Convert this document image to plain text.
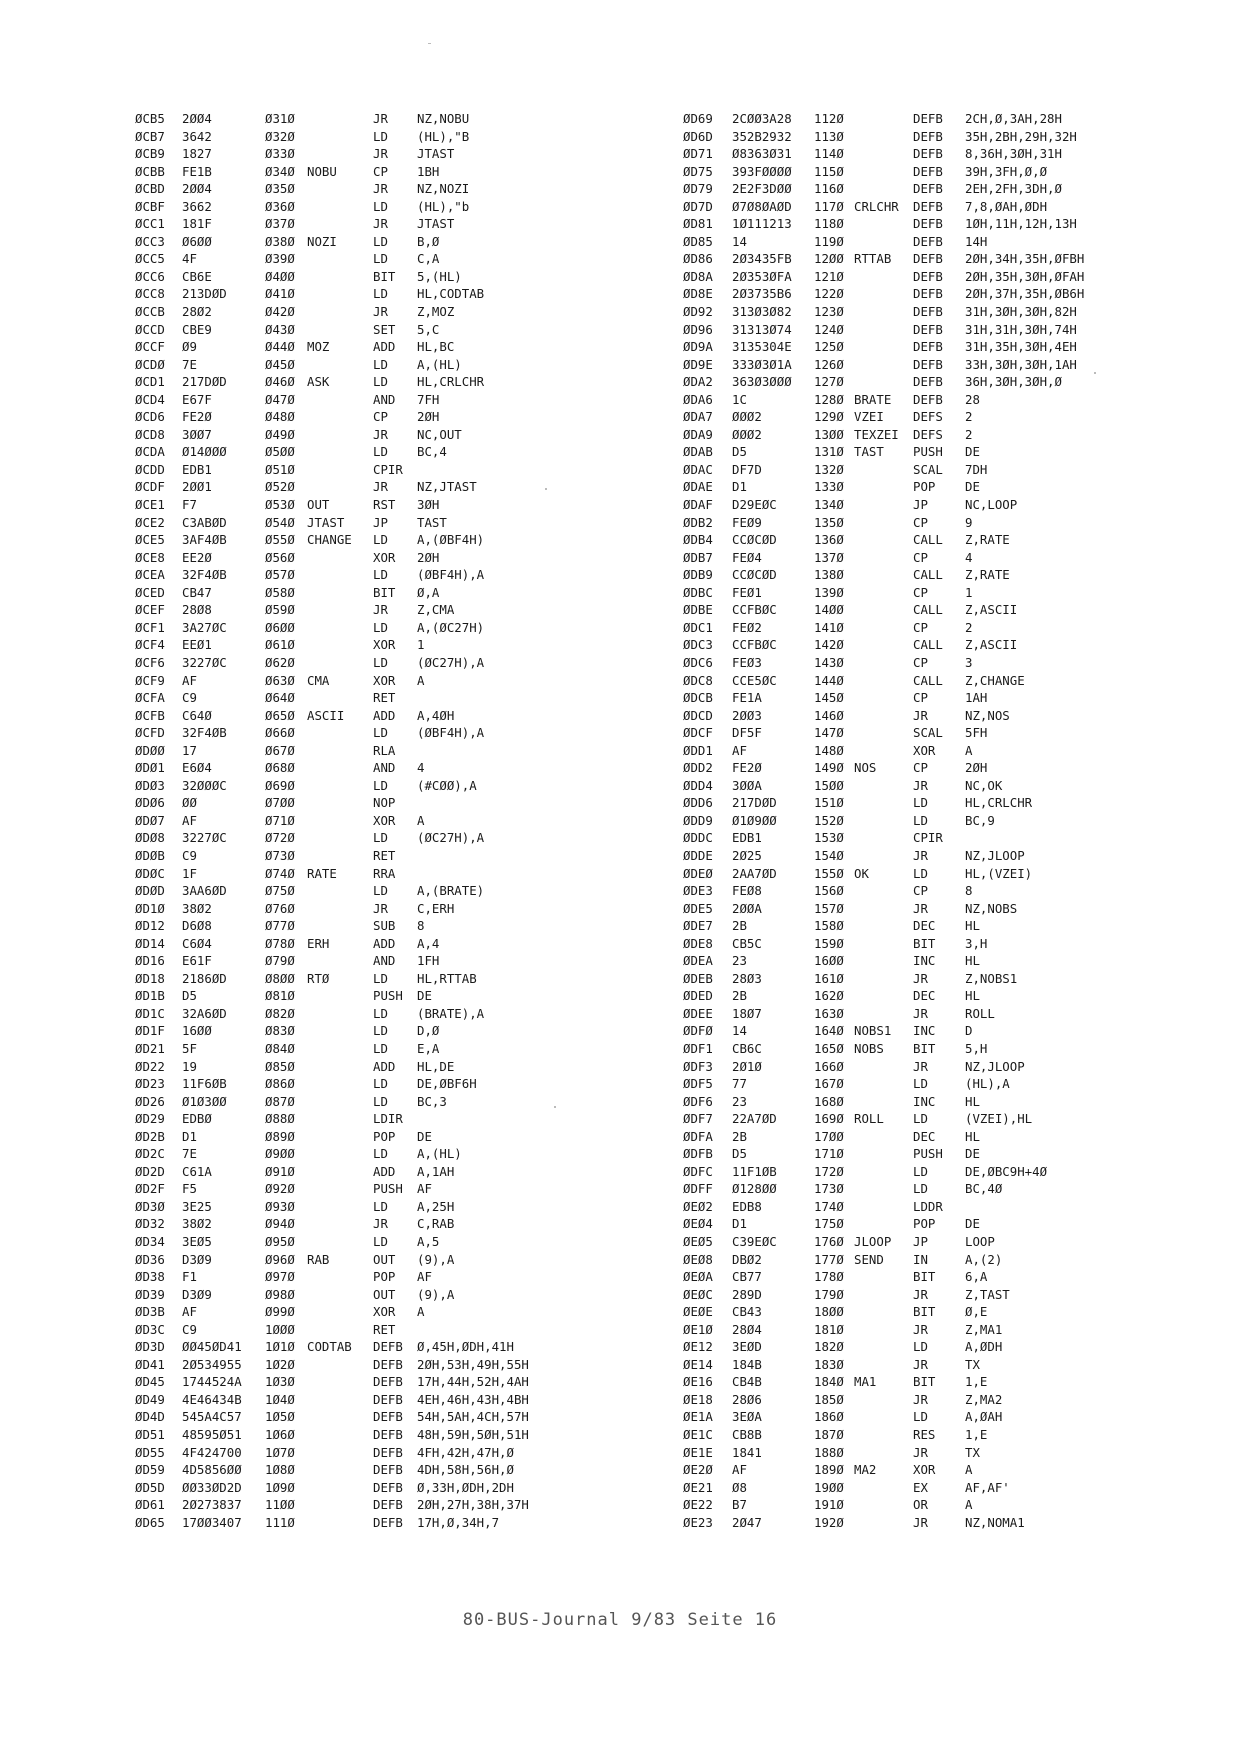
ØCB5 2ØØ4	Ø31Ø	JR NZ,NOBU
ØCB7 3642	Ø32Ø	LD (HL),"B
ØCB9 1827	Ø33Ø	JR JTAST
ØCBB FE1B	Ø34Ø NOBU	CP 1BH
ØCBD 2ØØ4	Ø35Ø	JR NZ,NOZI
ØCBF 3662	Ø36Ø	LD (HL),"b
ØCC1 181F	Ø37Ø	JR JTAST
ØCC3 Ø6ØØ	Ø38Ø NOZI	LD B,Ø
ØCC5 4F	Ø39Ø	LD C,A
ØCC6 CB6E	Ø4ØØ	BIT 5,(HL)
ØCC8 213DØD	Ø41Ø	LD HL,CODTAB
ØCCB 28Ø2	Ø42Ø	JR Z,MOZ
ØCCD CBE9	Ø43Ø	SET 5,C
ØCCF Ø9	Ø44Ø MOZ	ADD HL,BC
ØCDØ 7E	Ø45Ø	LD A,(HL)
ØCD1 217DØD	Ø46Ø ASK	LD HL,CRLCHR
ØCD4 E67F	Ø47Ø	AND 7FH
ØCD6 FE2Ø	Ø48Ø	CP 2ØH
ØCD8 3ØØ7	Ø49Ø	JR NC,OUT
ØCDA Ø14ØØØ	Ø5ØØ	LD BC,4
ØCDD EDB1	Ø51Ø	CPIR
ØCDF 2ØØ1	Ø52Ø	JR NZ,JTAST
ØCE1 F7	Ø53Ø OUT	RST 3ØH
ØCE2 C3ABØD	Ø54Ø JTAST JP TAST
ØCE5 3AF4ØB	Ø55Ø CHANGE LD A,(ØBF4H)
ØCE8 EE2Ø	Ø56Ø	XOR 2ØH
ØCEA 32F4ØB	Ø57Ø	LD (ØBF4H),A
ØCED CB47	Ø58Ø	BIT Ø,A
ØCEF 28Ø8	Ø59Ø	JR Z,CMA
ØCF1 3A27ØC	Ø6ØØ	LD A,(ØC27H)
ØCF4 EEØ1	Ø61Ø	XOR 1
ØCF6 3227ØC	Ø62Ø	LD (ØC27H),A
ØCF9 AF	Ø63Ø CMA	XOR A
ØCFA C9	Ø64Ø	RET
ØCFB C64Ø	Ø65Ø ASCII ADD A,4ØH
ØCFD 32F4ØB	Ø66Ø	LD (ØBF4H),A
ØDØØ 17	Ø67Ø	RLA
ØDØ1 E6Ø4	Ø68Ø	AND 4
ØDØ3 32ØØØC	Ø69Ø	LD (#CØØ),A
ØDØ6 ØØ	Ø7ØØ	NOP
ØDØ7 AF	Ø71Ø	XOR A
ØDØ8 3227ØC	Ø72Ø	LD (ØC27H),A
ØDØB C9	Ø73Ø	RET
ØDØC 1F	Ø74Ø RATE	RRA
ØDØD 3AA6ØD	Ø75Ø	LD A,(BRATE)
ØD1Ø 38Ø2	Ø76Ø	JR C,ERH
ØD12 D6Ø8	Ø77Ø	SUB 8
ØD14 C6Ø4	Ø78Ø ERH	ADD A,4
ØD16 E61F	Ø79Ø	AND 1FH
ØD18 2186ØD	Ø8ØØ RTØ	LD HL,RTTAB
ØD1B D5	Ø81Ø	PUSH DE
ØD1C 32A6ØD	Ø82Ø	LD (BRATE),A
ØD1F 16ØØ	Ø83Ø	LD D,Ø
ØD21 5F	Ø84Ø	LD E,A
ØD22 19	Ø85Ø	ADD HL,DE
ØD23 11F6ØB	Ø86Ø	LD DE,ØBF6H
ØD26 Ø1Ø3ØØ	Ø87Ø	LD BC,3
ØD29 EDBØ	Ø88Ø	LDIR
ØD2B D1	Ø89Ø	POP DE
ØD2C 7E	Ø9ØØ	LD A,(HL)
ØD2D C61A	Ø91Ø	ADD A,1AH
ØD2F F5	Ø92Ø	PUSH AF
ØD3Ø 3E25	Ø93Ø	LD A,25H
ØD32 38Ø2	Ø94Ø	JR C,RAB
ØD34 3EØ5	Ø95Ø	LD A,5
ØD36 D3Ø9	Ø96Ø RAB	OUT (9),A
ØD38 F1	Ø97Ø	POP AF
ØD39 D3Ø9	Ø98Ø	OUT (9),A
ØD3B AF	Ø99Ø	XOR A
ØD3C C9	1ØØØ	RET
ØD3D ØØ45ØD41 1Ø1Ø CODTAB DEFB Ø,45H,ØDH,41H
ØD41 2Ø534955 1Ø2Ø	DEFB 2ØH,53H,49H,55H
ØD45 1744524A 1Ø3Ø	DEFB 17H,44H,52H,4AH
ØD49 4E46434B 1Ø4Ø	DEFB 4EH,46H,43H,4BH
ØD4D 545A4C57 1Ø5Ø	DEFB 54H,5AH,4CH,57H
ØD51 48595Ø51 1Ø6Ø	DEFB 48H,59H,5ØH,51H
ØD55 4F424700 1Ø7Ø	DEFB 4FH,42H,47H,Ø
ØD59 4D5856ØØ 1Ø8Ø	DEFB 4DH,58H,56H,Ø
ØD5D ØØ33ØD2D 1Ø9Ø	DEFB Ø,33H,ØDH,2DH
ØD61 2Ø273837 11ØØ	DEFB 2ØH,27H,38H,37H
ØD65 17ØØ3407 111Ø	DEFB 17H,Ø,34H,7
ØD69 2CØØ3A28 112Ø	DEFB 2CH,Ø,3AH,28H
ØD6D 352B2932 113Ø	DEFB 35H,2BH,29H,32H
ØD71 Ø8363Ø31 114Ø	DEFB 8,36H,3ØH,31H
ØD75 393FØØØØ 115Ø	DEFB 39H,3FH,Ø,Ø
ØD79 2E2F3DØØ 116Ø	DEFB 2EH,2FH,3DH,Ø
ØD7D Ø7Ø8ØAØD 117Ø CRLCHR DEFB 7,8,ØAH,ØDH
ØD81 1Ø111213 118Ø	DEFB 1ØH,11H,12H,13H
ØD85 14	119Ø	DEFB 14H
ØD86 2Ø3435FB 12ØØ RTTAB DEFB 2ØH,34H,35H,ØFBH
ØD8A 2Ø353ØFA 121Ø	DEFB 2ØH,35H,3ØH,ØFAH
ØD8E 2Ø3735B6 122Ø	DEFB 2ØH,37H,35H,ØB6H
ØD92 313Ø3Ø82 123Ø	DEFB 31H,3ØH,3ØH,82H
ØD96 31313Ø74 124Ø	DEFB 31H,31H,3ØH,74H
ØD9A 3135304E 125Ø	DEFB 31H,35H,3ØH,4EH
ØD9E 333Ø3Ø1A 126Ø	DEFB 33H,3ØH,3ØH,1AH
ØDA2 363Ø3ØØØ 127Ø	DEFB 36H,3ØH,3ØH,Ø
ØDA6 1C	128Ø BRATE DEFB 28
ØDA7 ØØØ2	129Ø VZEI DEFS 2
ØDA9 ØØØ2	13ØØ TEXZEI DEFS 2
ØDAB D5	131Ø TAST PUSH DE
ØDAC DF7D	132Ø	SCAL 7DH
ØDAE D1	133Ø	POP DE
ØDAF D29EØC	134Ø	JP	NC,LOOP
ØDB2 FEØ9	135Ø	CP	9
ØDB4 CCØCØD	136Ø	CALL Z,RATE
ØDB7 FEØ4	137Ø	CP	4
ØDB9 CCØCØD	138Ø	CALL Z,RATE
ØDBC FEØ1	139Ø	CP	1
ØDBE CCFBØC	14ØØ	CALL Z,ASCII
ØDC1 FEØ2	141Ø	CP	2
ØDC3 CCFBØC	142Ø	CALL Z,ASCII
ØDC6 FEØ3	143Ø	CP	3
ØDC8 CCE5ØC	144Ø	CALL Z,CHANGE
ØDCB FE1A	145Ø	CP	1AH
ØDCD 2ØØ3	146Ø	JR	NZ,NOS
ØDCF DF5F	147Ø	SCAL 5FH
ØDD1 AF	148Ø	XOR A
ØDD2 FE2Ø	149Ø NOS	CP	2ØH
ØDD4 3ØØA	15ØØ	JR	NC,OK
ØDD6 217DØD	151Ø	LD	HL,CRLCHR
ØDD9 Ø1Ø9ØØ	152Ø	LD	BC,9
ØDDC EDB1	153Ø	CPIR
ØDDE 2Ø25	154Ø	JR	NZ,JLOOP
ØDEØ 2AA7ØD	155Ø OK	LD	HL,(VZEI)
ØDE3 FEØ8	156Ø	CP	8
ØDE5 2ØØA	157Ø	JR	NZ,NOBS
ØDE7 2B	158Ø	DEC HL
ØDE8 CB5C	159Ø	BIT 3,H
ØDEA 23	16ØØ	INC HL
ØDEB 28Ø3	161Ø	JR	Z,NOBS1
ØDED 2B	162Ø	DEC HL
ØDEE 18Ø7	163Ø	JR	ROLL
ØDFØ 14	164Ø NOBS1 INC D
ØDF1 CB6C	165Ø NOBS BIT 5,H
ØDF3 2Ø1Ø	166Ø	JR	NZ,JLOOP
ØDF5 77	167Ø	LD	(HL),A
ØDF6 23	168Ø	INC HL
ØDF7 22A7ØD	169Ø ROLL LD	(VZEI),HL
ØDFA 2B	17ØØ	DEC HL
ØDFB D5	171Ø	PUSH DE
ØDFC 11F1ØB	172Ø	LD	DE,ØBC9H+4Ø
ØDFF Ø128ØØ	173Ø	LD	BC,4Ø
ØEØ2 EDB8	174Ø	LDDR
ØEØ4 D1	175Ø	POP DE
ØEØ5 C39EØC	176Ø JLOOP JP	LOOP
ØEØ8 DBØ2	177Ø SEND IN	A,(2)
ØEØA CB77	178Ø	BIT 6,A
ØEØC 289D	179Ø	JR	Z,TAST
ØEØE CB43	18ØØ	BIT Ø,E
ØE1Ø 28Ø4	181Ø	JR	Z,MA1
ØE12 3EØD	182Ø	LD	A,ØDH
ØE14 184B	183Ø	JR	TX
ØE16 CB4B	184Ø MA1	BIT 1,E
ØE18 28Ø6	185Ø	JR	Z,MA2
ØE1A 3EØA	186Ø	LD	A,ØAH
ØE1C CB8B	187Ø	RES 1,E
ØE1E 1841	188Ø	JR	TX
ØE2Ø AF	189Ø MA2	XOR A
ØE21 Ø8	19ØØ	EX	AF,AF'
ØE22 B7	191Ø	OR	A
ØE23 2Ø47	192Ø	JR	NZ,NOMA1
80-BUS-Journal 9/83 Seite 16
